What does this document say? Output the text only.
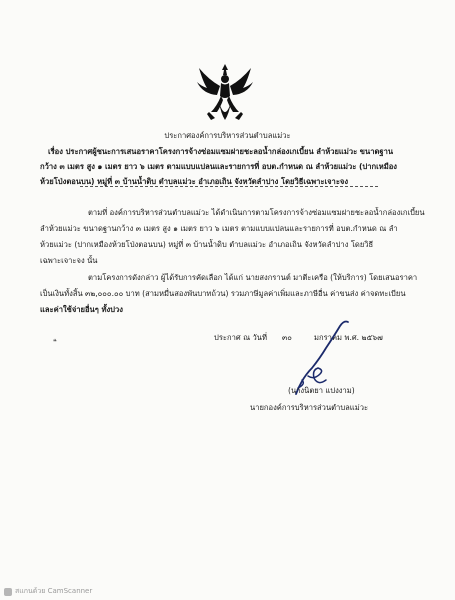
ประกาศองค์การบริหารส่วนตำบลแม่วะ
เรื่อง ประกาศผู้ชนะการเสนอราคาโครงการจ้างซ่อมแซมฝายชะลอน้ำกล่องเกเบี้ยน ลำห้วยแม่วะ ขนาดฐาน
กว้าง ๓ เมตร สูง ๑ เมตร ยาว ๖ เมตร ตามแบบแปลนและรายการที่ อบต.กำหนด ณ ลำห้วยแม่วะ (ปากเหมือง
ห้วยโป่งตอนบน) หมู่ที่ ๓ บ้านน้ำดิบ ตำบลแม่วะ อำเภอเถิน จังหวัดลำปาง โดยวิธีเฉพาะเจาะจง
ตามที่ องค์การบริหารส่วนตำบลแม่วะ ได้ดำเนินการตามโครงการจ้างซ่อมแซมฝายชะลอน้ำกล่องเกเบี้ยน
ลำห้วยแม่วะ ขนาดฐานกว้าง ๓ เมตร สูง ๑ เมตร ยาว ๖ เมตร ตามแบบแปลนและรายการที่ อบต.กำหนด ณ ลำ
ห้วยแม่วะ (ปากเหมืองห้วยโป่งตอนบน) หมู่ที่ ๓ บ้านน้ำดิบ ตำบลแม่วะ อำเภอเถิน จังหวัดลำปาง โดยวิธี
เฉพาะเจาะจง นั้น
ตามโครงการดังกล่าว ผู้ได้รับการคัดเลือก ได้แก่ นายสงกรานต์ มาตีะเครือ (ให้บริการ) โดยเสนอราคา
เป็นเงินทั้งสิ้น ๓๒,๐๐๐.๐๐ บาท (สามหมื่นสองพันบาทถ้วน) รวมภาษีมูลค่าเพิ่มและภาษีอื่น ค่าขนส่ง ค่าจดทะเบียน
และค่าใช้จ่ายอื่นๆ ทั้งปวง
❝	ประกาศ ณ วันที่ ๓๐	มกราคม พ.ศ. ๒๕๖๗
(นางนิตยา แปงงาม)
นายกองค์การบริหารส่วนตำบลแม่วะ
สแกนด้วย CamScanner
